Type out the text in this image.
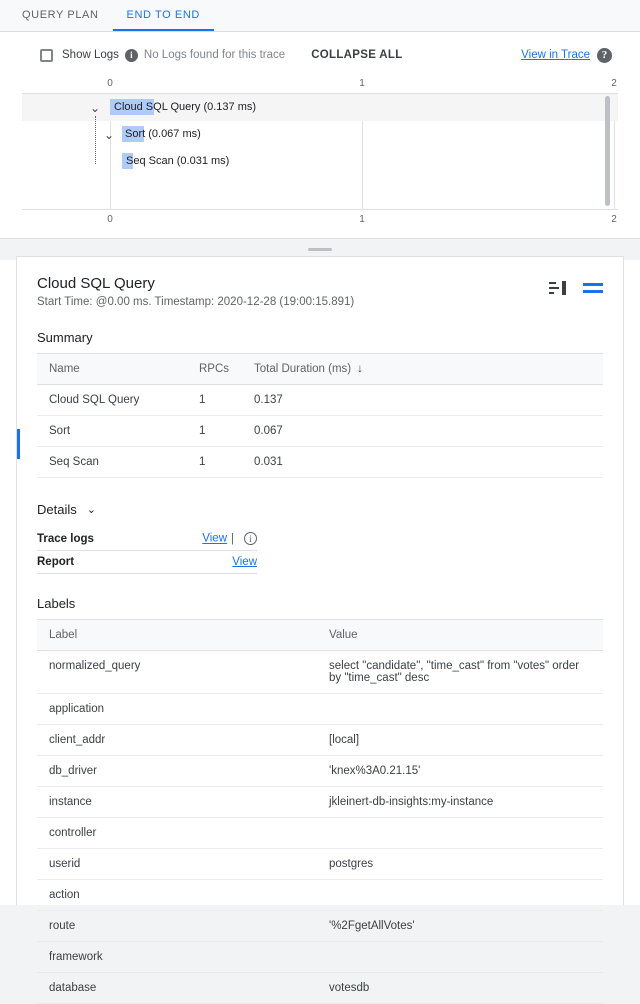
QUERY PLAN	END TO END
Show Logs	i No Logs found for this trace COLLAPSE ALL	View in Trace	?
0	1	2
⌄ Cloud SQL Query (0.137 ms)
⌄ Sort (0.067 ms)
Seq Scan (0.031 ms)
0	1	2
Cloud SQL Query
Start Time: @0.00 ms. Timestamp: 2020-12-28 (19:00:15.891)
Summary
Name	RPCs	Total Duration (ms) ↓
Cloud SQL Query	1	0.137
Sort	1	0.067
Seq Scan	1	0.031
Details ⌄
Trace logs	View | i
Report	View
Labels
Label	Value
normalized_query	select "candidate", "time_cast" from "votes" order by "time_cast" desc
application	
client_addr	[local]
db_driver	'knex%3A0.21.15'
instance	jkleinert-db-insights:my-instance
controller	
userid	postgres
action	
route	'%2FgetAllVotes'
framework	
database	votesdb
